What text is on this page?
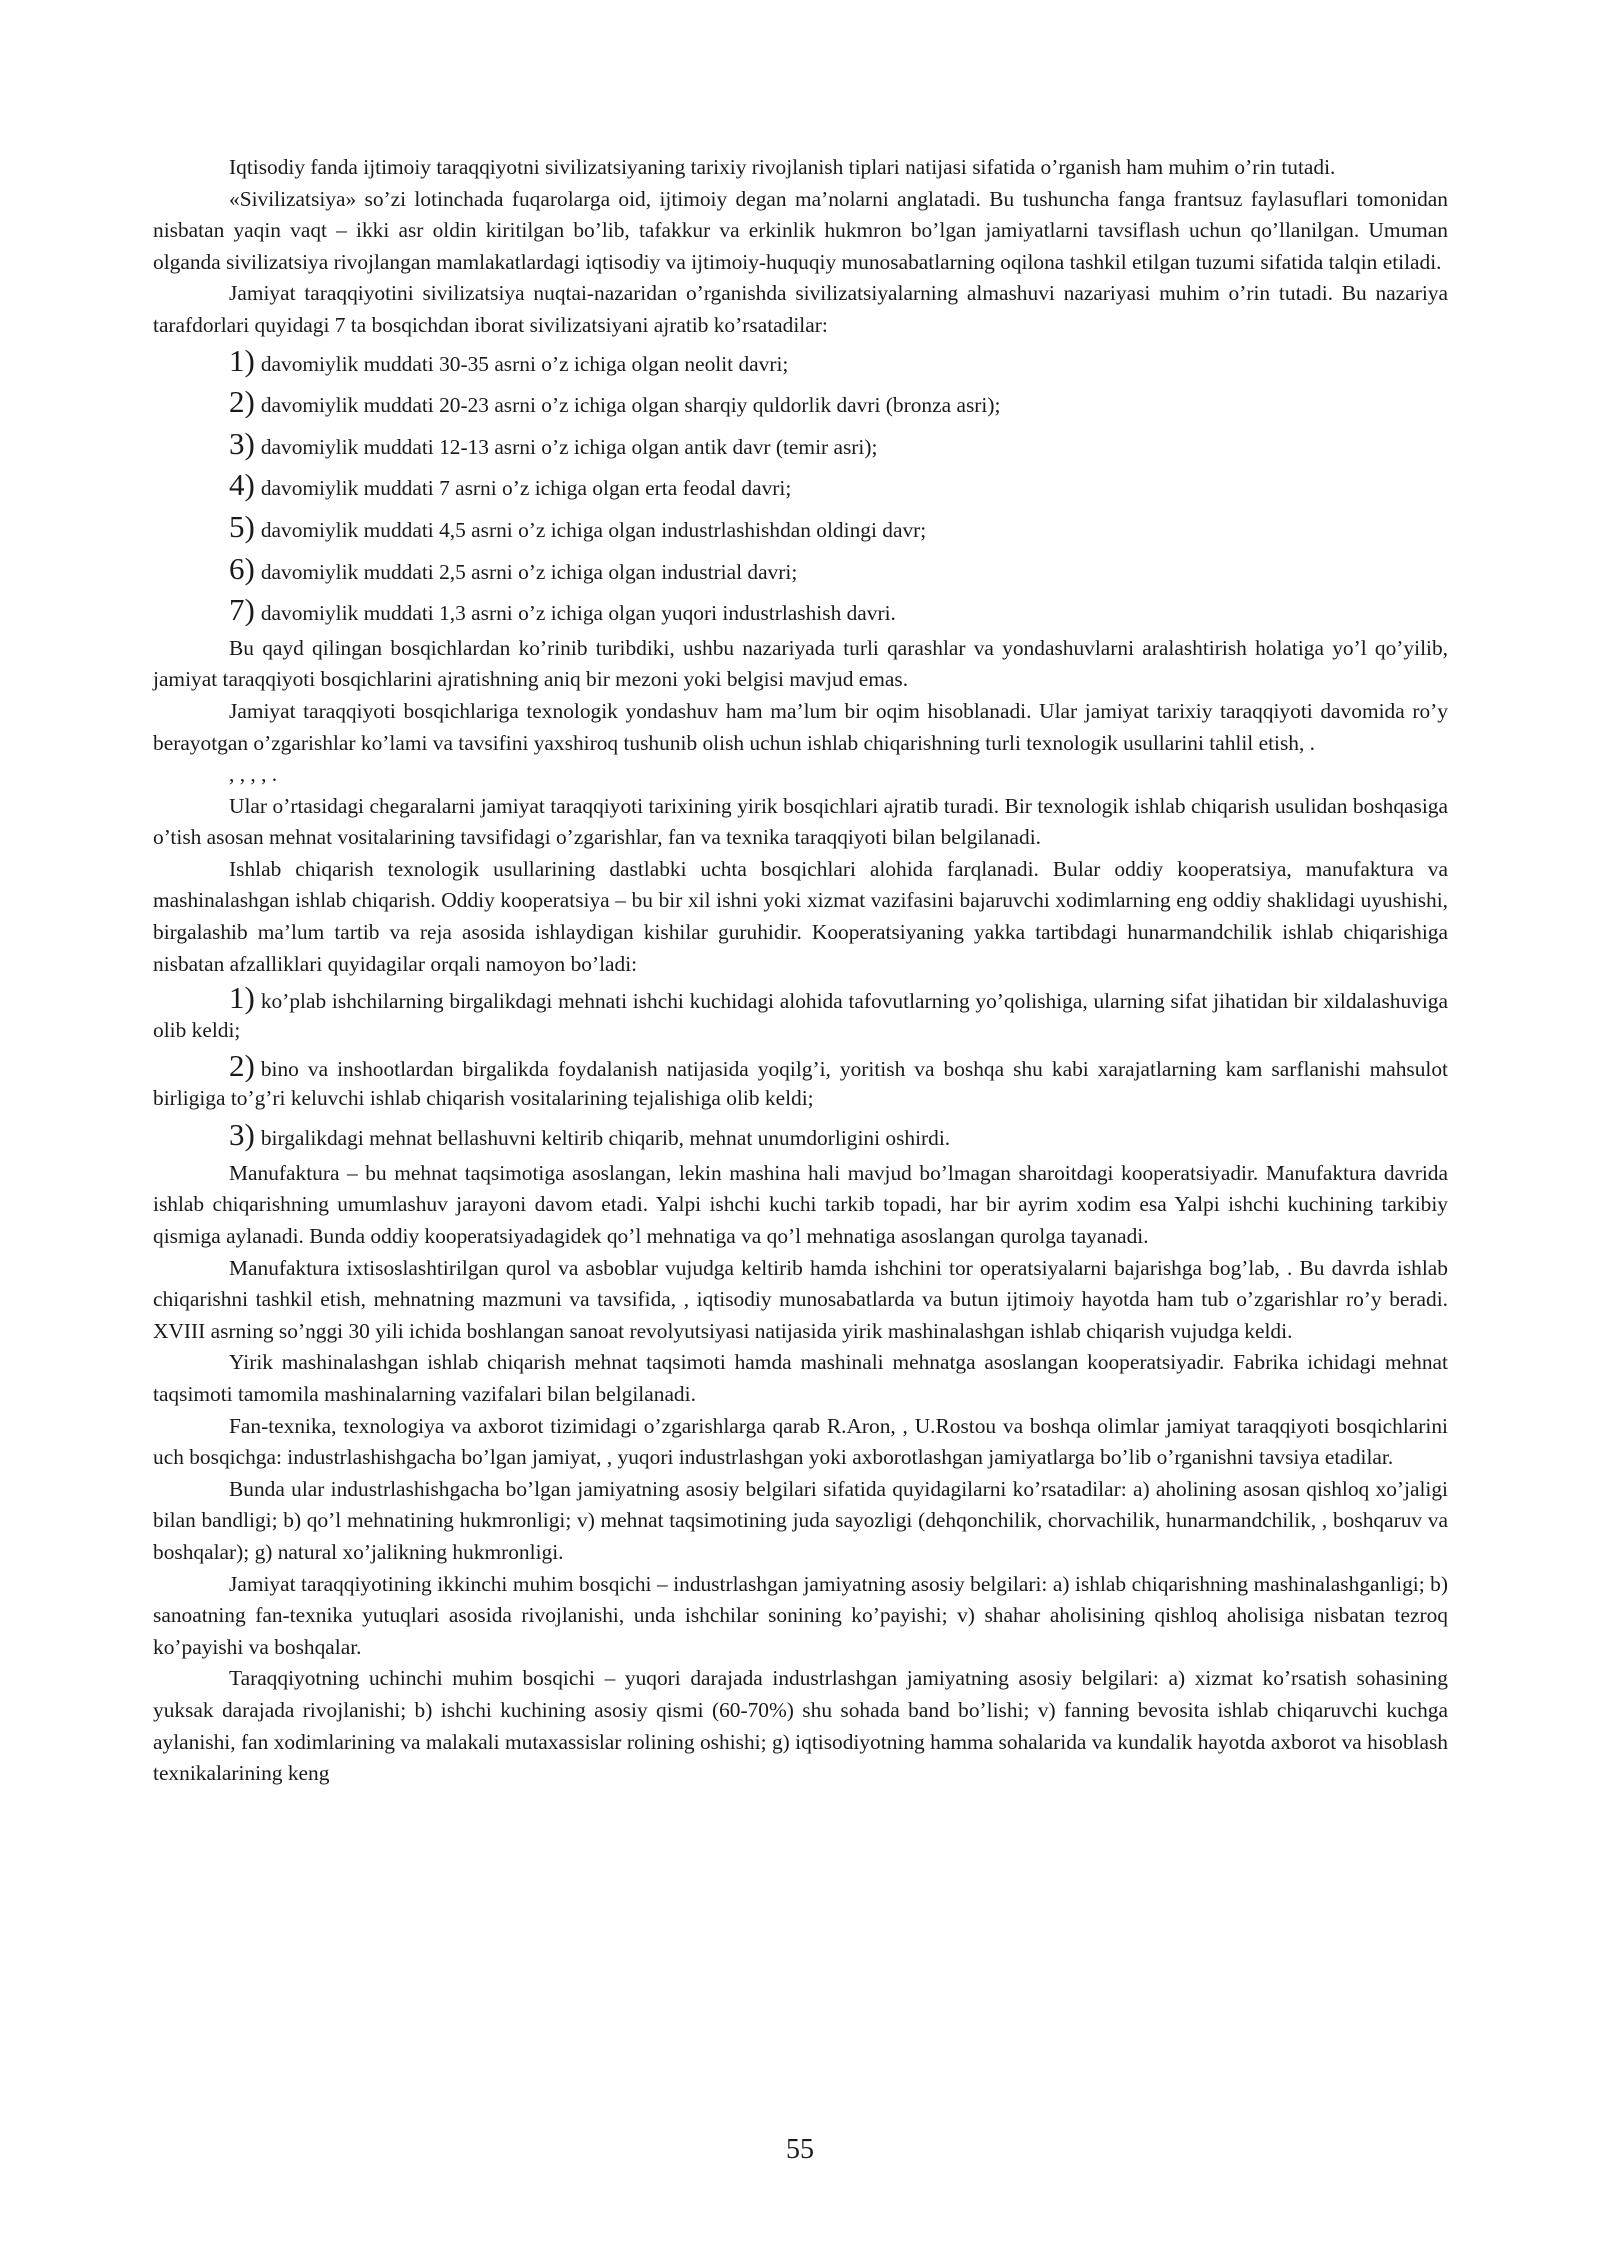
Iqtisodiy fanda ijtimoiy taraqqiyotni sivilizatsiyaning tarixiy rivojlanish tiplari natijasi sifatida o’rganish ham muhim o’rin tutadi.

«Sivilizatsiya» so’zi lotinchada fuqarolarga oid, ijtimoiy degan ma’nolarni anglatadi. Bu tushuncha fanga frantsuz faylasuflari tomonidan nisbatan yaqin vaqt – ikki asr oldin kiritilgan bo’lib, tafakkur va erkinlik hukmron bo’lgan jamiyatlarni tavsiflash uchun qo’llanilgan. Umuman olganda sivilizatsiya rivojlangan mamlakatlardagi iqtisodiy va ijtimoiy-huquqiy munosabatlarning oqilona tashkil etilgan tuzumi sifatida talqin etiladi.

Jamiyat taraqqiyotini sivilizatsiya nuqtai-nazaridan o’rganishda sivilizatsiyalarning almashuvi nazariyasi muhim o’rin tutadi. Bu nazariya tarafdorlari quyidagi 7 ta bosqichdan iborat sivilizatsiyani ajratib ko’rsatadilar:

1) davomiylik muddati 30-35 asrni o’z ichiga olgan neolit davri;

2) davomiylik muddati 20-23 asrni o’z ichiga olgan sharqiy quldorlik davri (bronza asri);

3) davomiylik muddati 12-13 asrni o’z ichiga olgan antik davr (temir asri);

4) davomiylik muddati 7 asrni o’z ichiga olgan erta feodal davri;

5) davomiylik muddati 4,5 asrni o’z ichiga olgan industrlashishdan oldingi davr;

6) davomiylik muddati 2,5 asrni o’z ichiga olgan industrial davri;

7) davomiylik muddati 1,3 asrni o’z ichiga olgan yuqori industrlashish davri.

Bu qayd qilingan bosqichlardan ko’rinib turibdiki, ushbu nazariyada turli qarashlar va yondashuvlarni aralashtirish holatiga yo’l qo’yilib, jamiyat taraqqiyoti bosqichlarini ajratishning aniq bir mezoni yoki belgisi mavjud emas.

Jamiyat taraqqiyoti bosqichlariga texnologik yondashuv ham ma’lum bir oqim hisoblanadi. Ular jamiyat tarixiy taraqqiyoti davomida ro’y berayotgan o’zgarishlar ko’lami va tavsifini yaxshiroq tushunib olish uchun ishlab chiqarishning turli texnologik usullarini tahlil etish, .

, , , , .

Ular o’rtasidagi chegaralarni jamiyat taraqqiyoti tarixining yirik bosqichlari ajratib turadi. Bir texnologik ishlab chiqarish usulidan boshqasiga o’tish asosan mehnat vositalarining tavsifidagi o’zgarishlar, fan va texnika taraqqiyoti bilan belgilanadi.

Ishlab chiqarish texnologik usullarining dastlabki uchta bosqichlari alohida farqlanadi. Bular oddiy kooperatsiya, manufaktura va mashinalashgan ishlab chiqarish. Oddiy kooperatsiya – bu bir xil ishni yoki xizmat vazifasini bajaruvchi xodimlarning eng oddiy shaklidagi uyushishi, birgalashib ma’lum tartib va reja asosida ishlaydigan kishilar guruhidir. Kooperatsiyaning yakka tartibdagi hunarmandchilik ishlab chiqarishiga nisbatan afzalliklari quyidagilar orqali namoyon bo’ladi:

1) ko’plab ishchilarning birgalikdagi mehnati ishchi kuchidagi alohida tafovutlarning yo’qolishiga, ularning sifat jihatidan bir xildalashuviga olib keldi;

2) bino va inshootlardan birgalikda foydalanish natijasida yoqilg’i, yoritish va boshqa shu kabi xarajatlarning kam sarflanishi mahsulot birligiga to’g’ri keluvchi ishlab chiqarish vositalarining tejalishiga olib keldi;

3) birgalikdagi mehnat bellashuvni keltirib chiqarib, mehnat unumdorligini oshirdi.

Manufaktura – bu mehnat taqsimotiga asoslangan, lekin mashina hali mavjud bo’lmagan sharoitdagi kooperatsiyadir. Manufaktura davrida ishlab chiqarishning umumlashuv jarayoni davom etadi. Yalpi ishchi kuchi tarkib topadi, har bir ayrim xodim esa Yalpi ishchi kuchining tarkibiy qismiga aylanadi. Bunda oddiy kooperatsiyadagidek qo’l mehnatiga va qo’l mehnatiga asoslangan qurolga tayanadi.

Manufaktura ixtisoslashtirilgan qurol va asboblar vujudga keltirib hamda ishchini tor operatsiyalarni bajarishga bog’lab, . Bu davrda ishlab chiqarishni tashkil etish, mehnatning mazmuni va tavsifida, , iqtisodiy munosabatlarda va butun ijtimoiy hayotda ham tub o’zgarishlar ro’y beradi. XVIII asrning so’nggi 30 yili ichida boshlangan sanoat revolyutsiyasi natijasida yirik mashinalashgan ishlab chiqarish vujudga keldi.

Yirik mashinalashgan ishlab chiqarish mehnat taqsimoti hamda mashinali mehnatga asoslangan kooperatsiyadir. Fabrika ichidagi mehnat taqsimoti tamomila mashinalarning vazifalari bilan belgilanadi.

Fan-texnika, texnologiya va axborot tizimidagi o’zgarishlarga qarab R.Aron, , U.Rostou va boshqa olimlar jamiyat taraqqiyoti bosqichlarini uch bosqichga: industrlashishgacha bo’lgan jamiyat, , yuqori industrlashgan yoki axborotlashgan jamiyatlarga bo’lib o’rganishni tavsiya etadilar.

Bunda ular industrlashishgacha bo’lgan jamiyatning asosiy belgilari sifatida quyidagilarni ko’rsatadilar: a) aholining asosan qishloq xo’jaligi bilan bandligi; b) qo’l mehnatining hukmronligi; v) mehnat taqsimotining juda sayozligi (dehqonchilik, chorvachilik, hunarmandchilik, , boshqaruv va boshqalar); g) natural xo’jalikning hukmronligi.

Jamiyat taraqqiyotining ikkinchi muhim bosqichi – industrlashgan jamiyatning asosiy belgilari: a) ishlab chiqarishning mashinalashganligi; b) sanoatning fan-texnika yutuqlari asosida rivojlanishi, unda ishchilar sonining ko’payishi; v) shahar aholisining qishloq aholisiga nisbatan tezroq ko’payishi va boshqalar.

Taraqqiyotning uchinchi muhim bosqichi – yuqori darajada industrlashgan jamiyatning asosiy belgilari: a) xizmat ko’rsatish sohasining yuksak darajada rivojlanishi; b) ishchi kuchining asosiy qismi (60-70%) shu sohada band bo’lishi; v) fanning bevosita ishlab chiqaruvchi kuchga aylanishi, fan xodimlarining va malakali mutaxassislar rolining oshishi; g) iqtisodiyotning hamma sohalarida va kundalik hayotda axborot va hisoblash texnikalarining keng

55
